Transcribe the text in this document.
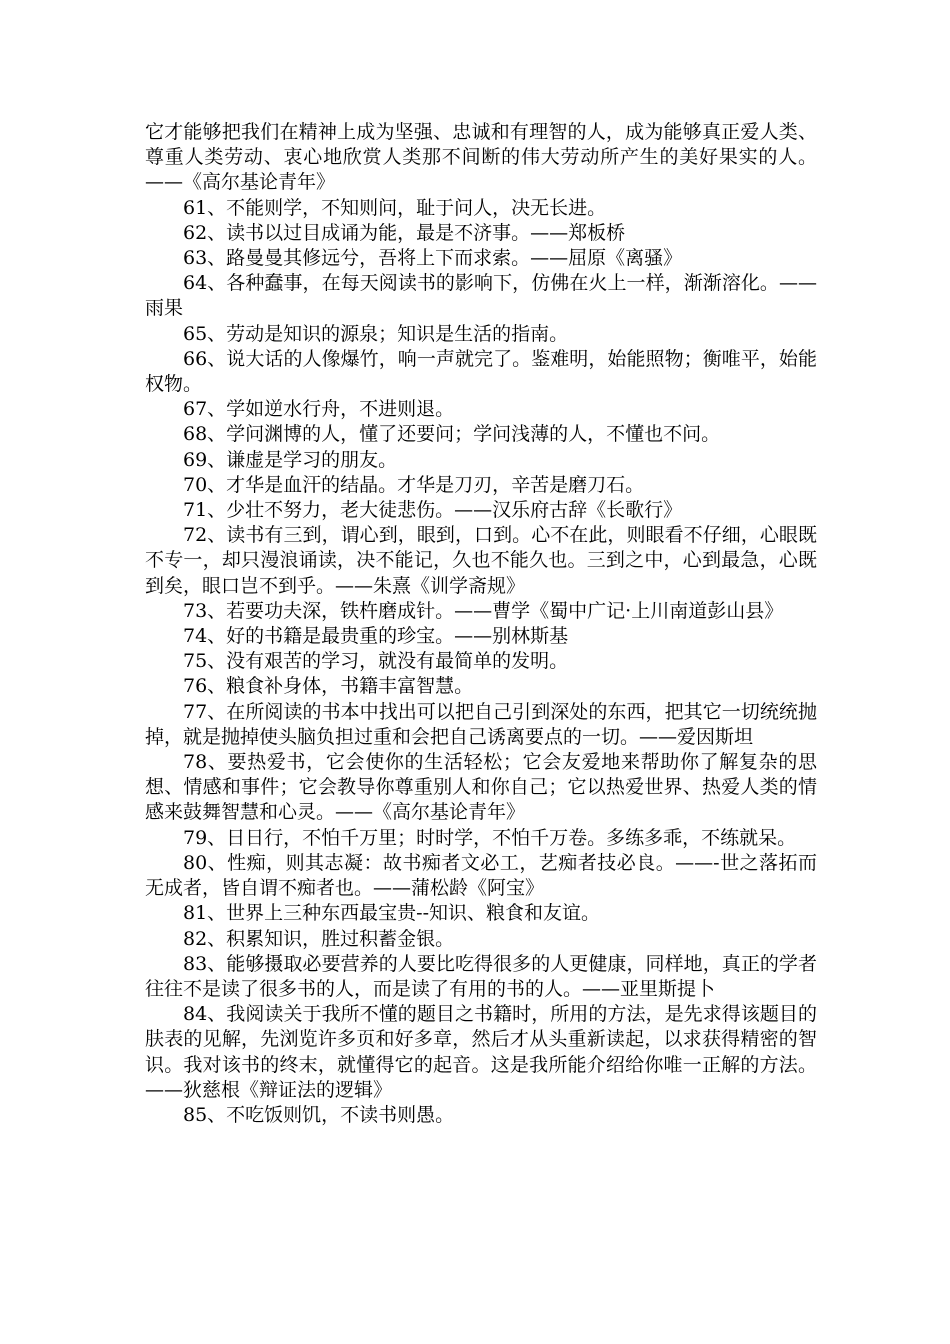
它才能够把我们在精神上成为坚强、忠诚和有理智的人，成为能够真正爱人类、尊重人类劳动、衷心地欣赏人类那不间断的伟大劳动所产生的美好果实的人。——《高尔基论青年》

61、不能则学，不知则问，耻于问人，决无长进。

62、读书以过目成诵为能，最是不济事。——郑板桥

63、路曼曼其修远兮，吾将上下而求索。——屈原《离骚》

64、各种蠢事，在每天阅读书的影响下，仿佛在火上一样，渐渐溶化。——雨果

65、劳动是知识的源泉；知识是生活的指南。

66、说大话的人像爆竹，响一声就完了。鉴难明，始能照物；衡唯平，始能权物。

67、学如逆水行舟，不进则退。

68、学问渊博的人，懂了还要问；学问浅薄的人，不懂也不问。

69、谦虚是学习的朋友。

70、才华是血汗的结晶。才华是刀刃，辛苦是磨刀石。

71、少壮不努力，老大徒悲伤。——汉乐府古辞《长歌行》

72、读书有三到，谓心到，眼到，口到。心不在此，则眼看不仔细，心眼既不专一，却只漫浪诵读，决不能记，久也不能久也。三到之中，心到最急，心既到矣，眼口岂不到乎。——朱熹《训学斋规》

73、若要功夫深，铁杵磨成针。——曹学《蜀中广记·上川南道彭山县》

74、好的书籍是最贵重的珍宝。——别林斯基

75、没有艰苦的学习，就没有最简单的发明。

76、粮食补身体，书籍丰富智慧。

77、在所阅读的书本中找出可以把自己引到深处的东西，把其它一切统统抛掉，就是抛掉使头脑负担过重和会把自己诱离要点的一切。——爱因斯坦

78、要热爱书，它会使你的生活轻松；它会友爱地来帮助你了解复杂的思想、情感和事件；它会教导你尊重别人和你自己；它以热爱世界、热爱人类的情感来鼓舞智慧和心灵。——《高尔基论青年》

79、日日行，不怕千万里；时时学，不怕千万卷。多练多乖，不练就呆。

80、性痴，则其志凝：故书痴者文必工，艺痴者技必良。——-世之落拓而无成者，皆自谓不痴者也。——蒲松龄《阿宝》

81、世界上三种东西最宝贵--知识、粮食和友谊。

82、积累知识，胜过积蓄金银。

83、能够摄取必要营养的人要比吃得很多的人更健康，同样地，真正的学者往往不是读了很多书的人，而是读了有用的书的人。——亚里斯提卜

84、我阅读关于我所不懂的题目之书籍时，所用的方法，是先求得该题目的肤表的见解，先浏览许多页和好多章，然后才从头重新读起，以求获得精密的智识。我对该书的终末，就懂得它的起音。这是我所能介绍给你唯一正解的方法。——狄慈根《辩证法的逻辑》

85、不吃饭则饥，不读书则愚。
